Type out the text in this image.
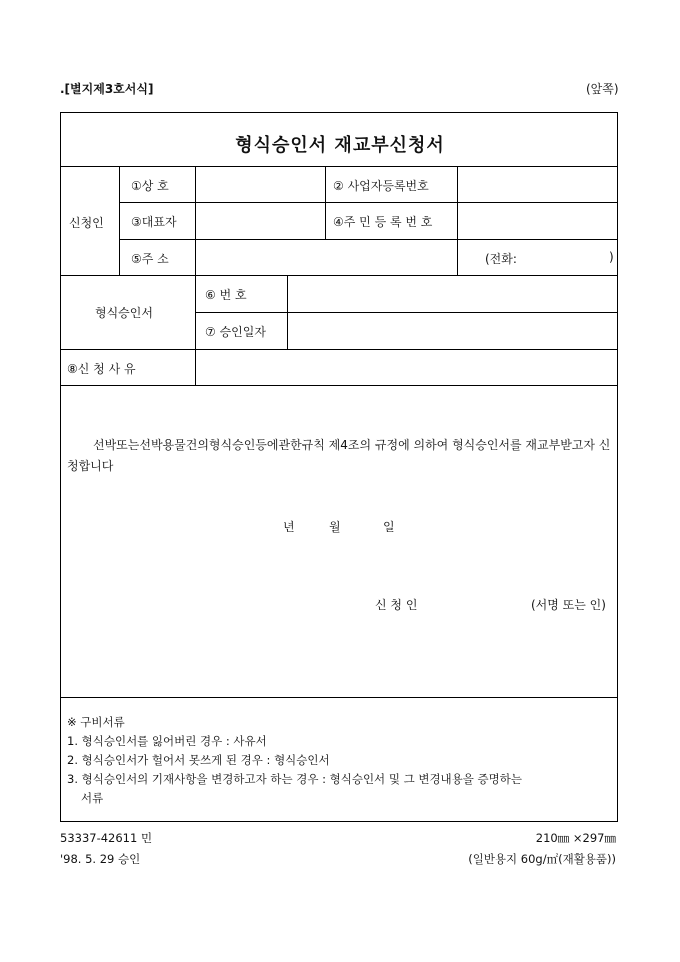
.[별지제3호서식]	(앞쪽)
형식승인서 재교부신청서
신청인
①상 호	② 사업자등록번호
③대표자	④주 민 등 록 번 호
⑤주 소	(전화:	)
형식승인서
⑥ 번 호
⑦ 승인일자
⑧신 청 사 유
선박또는선박용물건의형식승인등에관한규칙 제4조의 규정에 의하여 형식승인서를 재교부받고자 신청합니다
년	월	일
신 청 인	(서명 또는 인)
※ 구비서류
1. 형식승인서를 잃어버린 경우 : 사유서
2. 형식승인서가 헐어서 못쓰게 된 경우 : 형식승인서
3. 형식승인서의 기재사항을 변경하고자 하는 경우 : 형식승인서 및 그 변경내용을 증명하는
서류
53337-42611 민	210㎜ ×297㎜
'98. 5. 29 승인	(일반용지 60g/㎡(재활용품))
